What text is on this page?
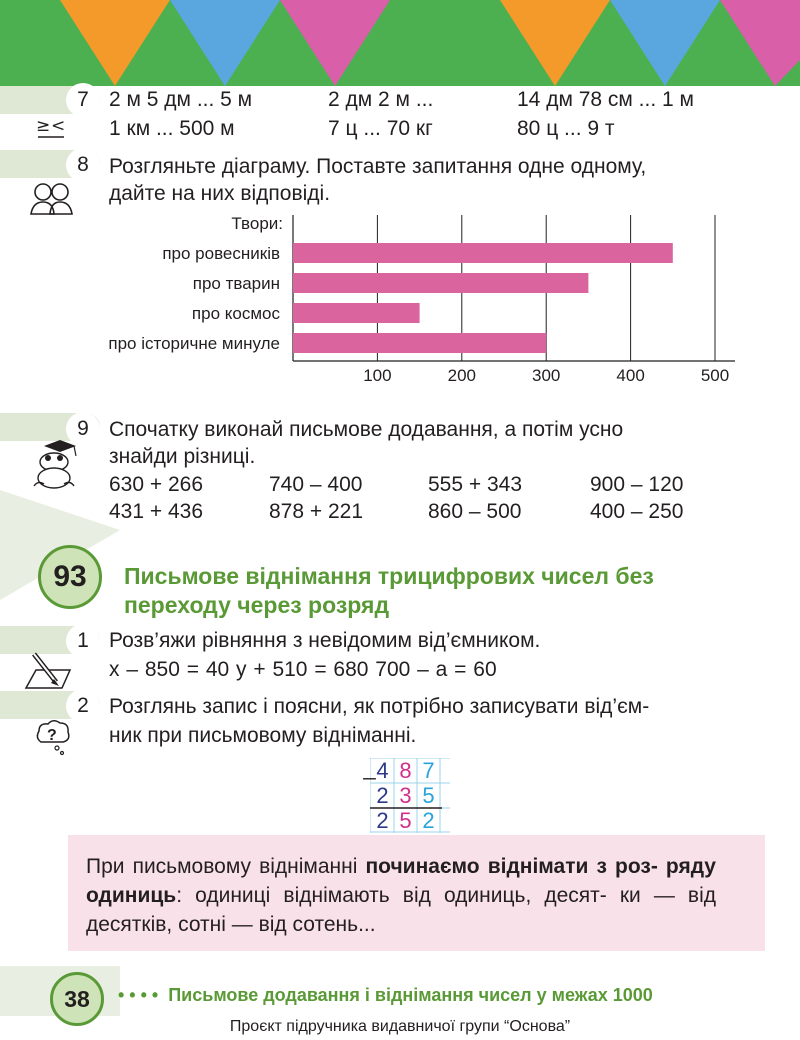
7
≥ <
2 м 5 дм ... 5 м	2 дм 2 м ...	14 дм 78 см ... 1 м
1 км ... 500 м	7 ц ... 70 кг	80 ц ... 9 т
8 Розгляньте діаграму. Поставте запитання одне одному,
дайте на них відповіді.
Твори:
про ровесників
про тварин
про космос
про історичне минуле
100	200	300	400	500
9 Спочатку виконай письмове додавання, а потім усно
знайди різниці.
630 + 266	740 – 400	555 + 343	900 – 120
431 + 436	878 + 221	860 – 500	400 – 250
93	Письмове віднімання трицифрових чисел без переходу через розряд
1 Розв’яжи рівняння з невідомим від’ємником.
х – 850 = 40 у + 510 = 680 700 – а = 60
2
?
Розглянь запис і поясни, як потрібно записувати від’єм-
ник при письмовому відніманні.
_ 4 8 7
2 3 5
2 5 2
При письмовому відніманні починаємо віднімати з роз- ряду одиниць: одиниці віднімають від одиниць, десят- ки — від десятків, сотні — від сотень...
38	• • • • Письмове додавання і віднімання чисел у межах 1000
Проєкт підручника видавничої групи “Основа”
